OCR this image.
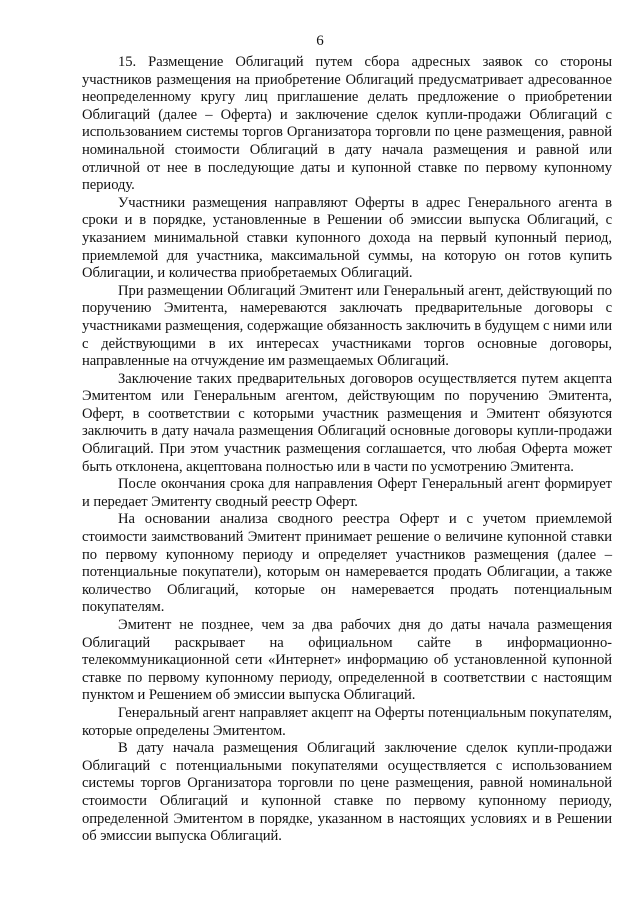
6

15. Размещение Облигаций путем сбора адресных заявок со стороны участников размещения на приобретение Облигаций предусматривает адресованное неопределенному кругу лиц приглашение делать предложение о приобретении Облигаций (далее – Оферта) и заключение сделок купли-продажи Облигаций с использованием системы торгов Организатора торговли по цене размещения, равной номинальной стоимости Облигаций в дату начала размещения и равной или отличной от нее в последующие даты и купонной ставке по первому купонному периоду.

Участники размещения направляют Оферты в адрес Генерального агента в сроки и в порядке, установленные в Решении об эмиссии выпуска Облигаций, с указанием минимальной ставки купонного дохода на первый купонный период, приемлемой для участника, максимальной суммы, на которую он готов купить Облигации, и количества приобретаемых Облигаций.

При размещении Облигаций Эмитент или Генеральный агент, действующий по поручению Эмитента, намереваются заключать предварительные договоры с участниками размещения, содержащие обязанность заключить в будущем с ними или с действующими в их интересах участниками торгов основные договоры, направленные на отчуждение им размещаемых Облигаций.

Заключение таких предварительных договоров осуществляется путем акцепта Эмитентом или Генеральным агентом, действующим по поручению Эмитента, Оферт, в соответствии с которыми участник размещения и Эмитент обязуются заключить в дату начала размещения Облигаций основные договоры купли-продажи Облигаций. При этом участник размещения соглашается, что любая Оферта может быть отклонена, акцептована полностью или в части по усмотрению Эмитента.

После окончания срока для направления Оферт Генеральный агент формирует и передает Эмитенту сводный реестр Оферт.

На основании анализа сводного реестра Оферт и с учетом приемлемой стоимости заимствований Эмитент принимает решение о величине купонной ставки по первому купонному периоду и определяет участников размещения (далее – потенциальные покупатели), которым он намеревается продать Облигации, а также количество Облигаций, которые он намеревается продать потенциальным покупателям.

Эмитент не позднее, чем за два рабочих дня до даты начала размещения Облигаций раскрывает на официальном сайте в информационно-телекоммуникационной сети «Интернет» информацию об установленной купонной ставке по первому купонному периоду, определенной в соответствии с настоящим пунктом и Решением об эмиссии выпуска Облигаций.

Генеральный агент направляет акцепт на Оферты потенциальным покупателям, которые определены Эмитентом.

В дату начала размещения Облигаций заключение сделок купли-продажи Облигаций с потенциальными покупателями осуществляется с использованием системы торгов Организатора торговли по цене размещения, равной номинальной стоимости Облигаций и купонной ставке по первому купонному периоду, определенной Эмитентом в порядке, указанном в настоящих условиях и в Решении об эмиссии выпуска Облигаций.
